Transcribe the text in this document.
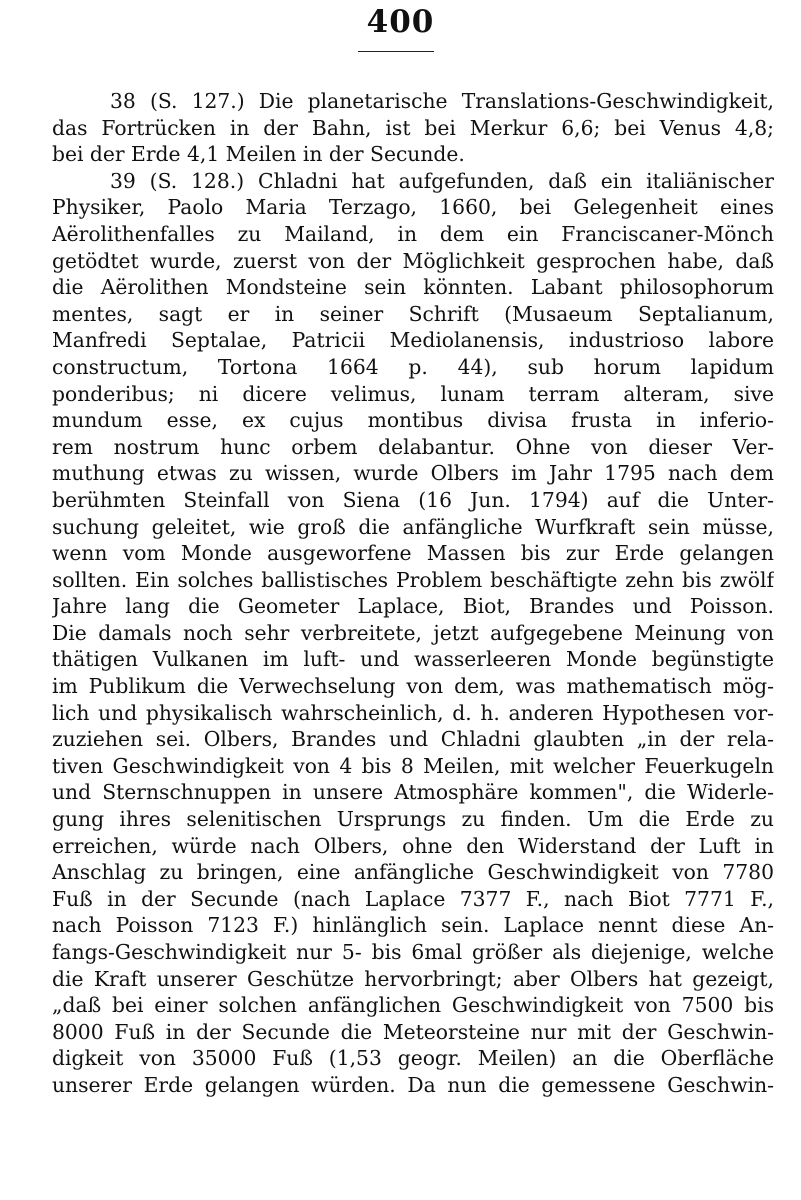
400
38 (S. 127.) Die planetarische Translations-Geschwindigkeit,
das Fortrücken in der Bahn, ist bei Merkur 6,6; bei Venus 4,8;
bei der Erde 4,1 Meilen in der Secunde.
39 (S. 128.) Chladni hat aufgefunden, daß ein italiänischer
Physiker, Paolo Maria Terzago, 1660, bei Gelegenheit eines
Aërolithenfalles zu Mailand, in dem ein Franciscaner-Mönch
getödtet wurde, zuerst von der Möglichkeit gesprochen habe, daß
die Aërolithen Mondsteine sein könnten. Labant philosophorum
mentes, sagt er in seiner Schrift (Musaeum Septalianum,
Manfredi Septalae, Patricii Mediolanensis, industrioso labore
constructum, Tortona 1664 p. 44), sub horum lapidum
ponderibus; ni dicere velimus, lunam terram alteram, sive
mundum esse, ex cujus montibus divisa frusta in inferio-
rem nostrum hunc orbem delabantur. Ohne von dieser Ver-
muthung etwas zu wissen, wurde Olbers im Jahr 1795 nach dem
berühmten Steinfall von Siena (16 Jun. 1794) auf die Unter-
suchung geleitet, wie groß die anfängliche Wurfkraft sein müsse,
wenn vom Monde ausgeworfene Massen bis zur Erde gelangen
sollten. Ein solches ballistisches Problem beschäftigte zehn bis zwölf
Jahre lang die Geometer Laplace, Biot, Brandes und Poisson.
Die damals noch sehr verbreitete, jetzt aufgegebene Meinung von
thätigen Vulkanen im luft- und wasserleeren Monde begünstigte
im Publikum die Verwechselung von dem, was mathematisch mög-
lich und physikalisch wahrscheinlich, d. h. anderen Hypothesen vor-
zuziehen sei. Olbers, Brandes und Chladni glaubten „in der rela-
tiven Geschwindigkeit von 4 bis 8 Meilen, mit welcher Feuerkugeln
und Sternschnuppen in unsere Atmosphäre kommen", die Widerle-
gung ihres selenitischen Ursprungs zu finden. Um die Erde zu
erreichen, würde nach Olbers, ohne den Widerstand der Luft in
Anschlag zu bringen, eine anfängliche Geschwindigkeit von 7780
Fuß in der Secunde (nach Laplace 7377 F., nach Biot 7771 F.,
nach Poisson 7123 F.) hinlänglich sein. Laplace nennt diese An-
fangs-Geschwindigkeit nur 5- bis 6mal größer als diejenige, welche
die Kraft unserer Geschütze hervorbringt; aber Olbers hat gezeigt,
„daß bei einer solchen anfänglichen Geschwindigkeit von 7500 bis
8000 Fuß in der Secunde die Meteorsteine nur mit der Geschwin-
digkeit von 35000 Fuß (1,53 geogr. Meilen) an die Oberfläche
unserer Erde gelangen würden. Da nun die gemessene Geschwin-
